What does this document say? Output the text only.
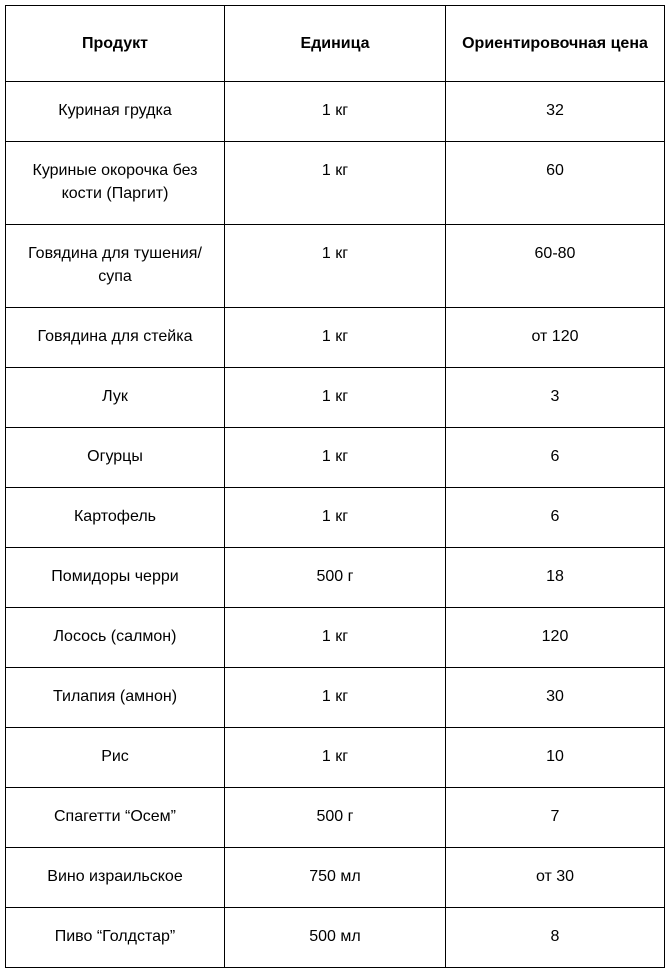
Продукт	Единица	Ориентировочная цена
Куриная грудка	1 кг	32
Куриные окорочка без кости (Паргит)	1 кг	60
Говядина для тушения/супа	1 кг	60-80
Говядина для стейка	1 кг	от 120
Лук	1 кг	3
Огурцы	1 кг	6
Картофель	1 кг	6
Помидоры черри	500 г	18
Лосось (салмон)	1 кг	120
Тилапия (амнон)	1 кг	30
Рис	1 кг	10
Спагетти “Осем”	500 г	7
Вино израильское	750 мл	от 30
Пиво “Голдстар”	500 мл	8
